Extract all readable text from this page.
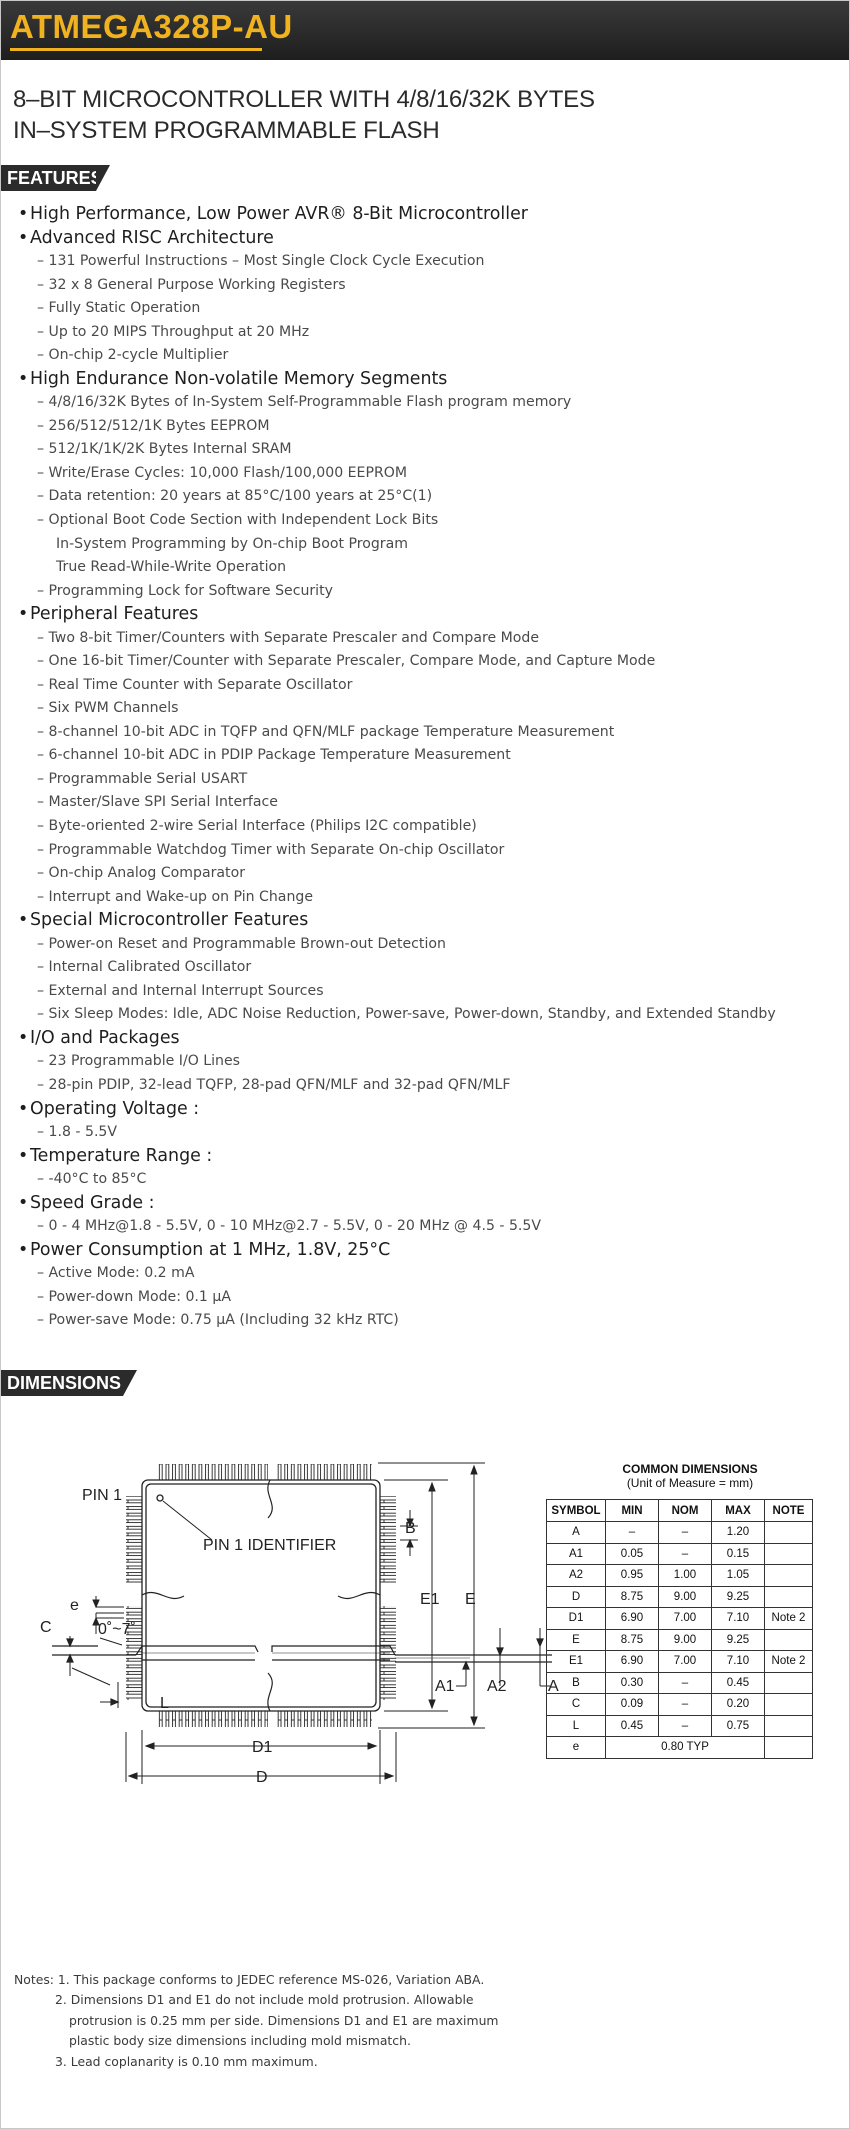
ATMEGA328P-AU
8–BIT MICROCONTROLLER WITH 4/8/16/32K BYTES
IN–SYSTEM PROGRAMMABLE FLASH
FEATURES
•High Performance, Low Power AVR® 8-Bit Microcontroller
•Advanced RISC Architecture
– 131 Powerful Instructions – Most Single Clock Cycle Execution
– 32 x 8 General Purpose Working Registers
– Fully Static Operation
– Up to 20 MIPS Throughput at 20 MHz
– On-chip 2-cycle Multiplier
•High Endurance Non-volatile Memory Segments
– 4/8/16/32K Bytes of In-System Self-Programmable Flash program memory
– 256/512/512/1K Bytes EEPROM
– 512/1K/1K/2K Bytes Internal SRAM
– Write/Erase Cycles: 10,000 Flash/100,000 EEPROM
– Data retention: 20 years at 85°C/100 years at 25°C(1)
– Optional Boot Code Section with Independent Lock Bits
In-System Programming by On-chip Boot Program
True Read-While-Write Operation
– Programming Lock for Software Security
•Peripheral Features
– Two 8-bit Timer/Counters with Separate Prescaler and Compare Mode
– One 16-bit Timer/Counter with Separate Prescaler, Compare Mode, and Capture Mode
– Real Time Counter with Separate Oscillator
– Six PWM Channels
– 8-channel 10-bit ADC in TQFP and QFN/MLF package Temperature Measurement
– 6-channel 10-bit ADC in PDIP Package Temperature Measurement
– Programmable Serial USART
– Master/Slave SPI Serial Interface
– Byte-oriented 2-wire Serial Interface (Philips I2C compatible)
– Programmable Watchdog Timer with Separate On-chip Oscillator
– On-chip Analog Comparator
– Interrupt and Wake-up on Pin Change
•Special Microcontroller Features
– Power-on Reset and Programmable Brown-out Detection
– Internal Calibrated Oscillator
– External and Internal Interrupt Sources
– Six Sleep Modes: Idle, ADC Noise Reduction, Power-save, Power-down, Standby, and Extended Standby
•I/O and Packages
– 23 Programmable I/O Lines
– 28-pin PDIP, 32-lead TQFP, 28-pad QFN/MLF and 32-pad QFN/MLF
•Operating Voltage :
– 1.8 - 5.5V
•Temperature Range :
– -40°C to 85°C
•Speed Grade :
– 0 - 4 MHz@1.8 - 5.5V, 0 - 10 MHz@2.7 - 5.5V, 0 - 20 MHz @ 4.5 - 5.5V
•Power Consumption at 1 MHz, 1.8V, 25°C
– Active Mode: 0.2 mA
– Power-down Mode: 0.1 μA
– Power-save Mode: 0.75 μA (Including 32 kHz RTC)
DIMENSIONS
PIN 1
PIN 1 IDENTIFIER
e
B
E1 E
D1
D
C	0˚~7˚
L
A1 A2	A
COMMON DIMENSIONS
(Unit of Measure = mm)
SYMBOL	MIN	NOM	MAX	NOTE
A	–	–	1.20	
A1	0.05	–	0.15	
A2	0.95	1.00	1.05	
D	8.75	9.00	9.25	
D1	6.90	7.00	7.10	Note 2
E	8.75	9.00	9.25	
E1	6.90	7.00	7.10	Note 2
B	0.30	–	0.45	
C	0.09	–	0.20	
L	0.45	–	0.75	
e	0.80 TYP			
Notes: 1. This package conforms to JEDEC reference MS-026, Variation ABA.
2. Dimensions D1 and E1 do not include mold protrusion. Allowable
protrusion is 0.25 mm per side. Dimensions D1 and E1 are maximum
plastic body size dimensions including mold mismatch.
3. Lead coplanarity is 0.10 mm maximum.
